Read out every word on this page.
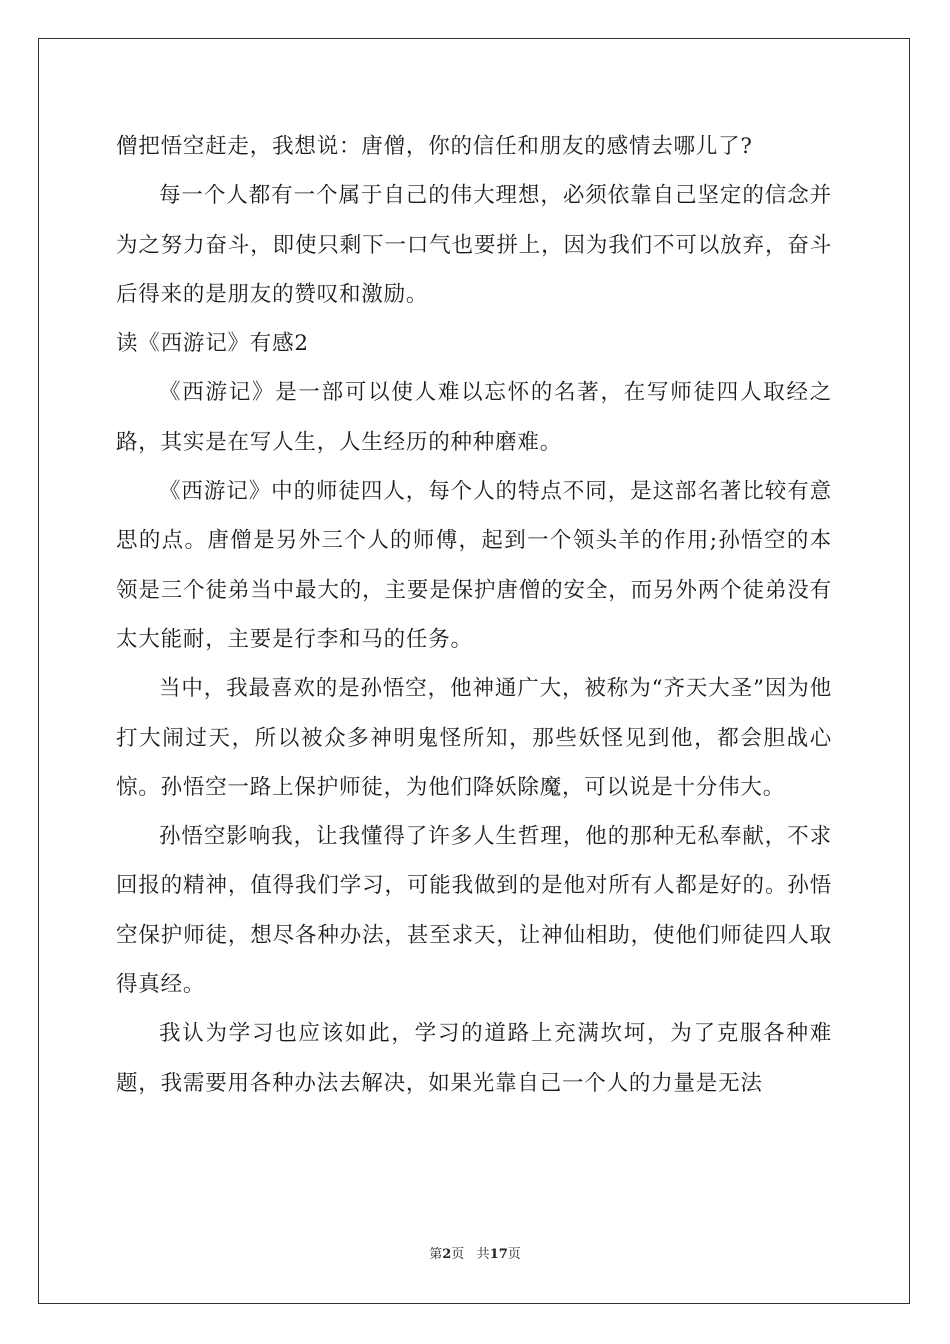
僧把悟空赶走，我想说：唐僧，你的信任和朋友的感情去哪儿了?

每一个人都有一个属于自己的伟大理想，必须依靠自己坚定的信念并为之努力奋斗，即使只剩下一口气也要拼上，因为我们不可以放弃，奋斗后得来的是朋友的赞叹和激励。

读《西游记》有感2

《西游记》是一部可以使人难以忘怀的名著，在写师徒四人取经之路，其实是在写人生，人生经历的种种磨难。

《西游记》中的师徒四人，每个人的特点不同，是这部名著比较有意思的点。唐僧是另外三个人的师傅，起到一个领头羊的作用;孙悟空的本领是三个徒弟当中最大的，主要是保护唐僧的安全，而另外两个徒弟没有太大能耐，主要是行李和马的任务。

当中，我最喜欢的是孙悟空，他神通广大，被称为“齐天大圣”因为他打大闹过天，所以被众多神明鬼怪所知，那些妖怪见到他，都会胆战心惊。孙悟空一路上保护师徒，为他们降妖除魔，可以说是十分伟大。

孙悟空影响我，让我懂得了许多人生哲理，他的那种无私奉献，不求回报的精神，值得我们学习，可能我做到的是他对所有人都是好的。孙悟空保护师徒，想尽各种办法，甚至求天，让神仙相助，使他们师徒四人取得真经。

我认为学习也应该如此，学习的道路上充满坎坷，为了克服各种难题，我需要用各种办法去解决，如果光靠自己一个人的力量是无法

第2页 共17页
